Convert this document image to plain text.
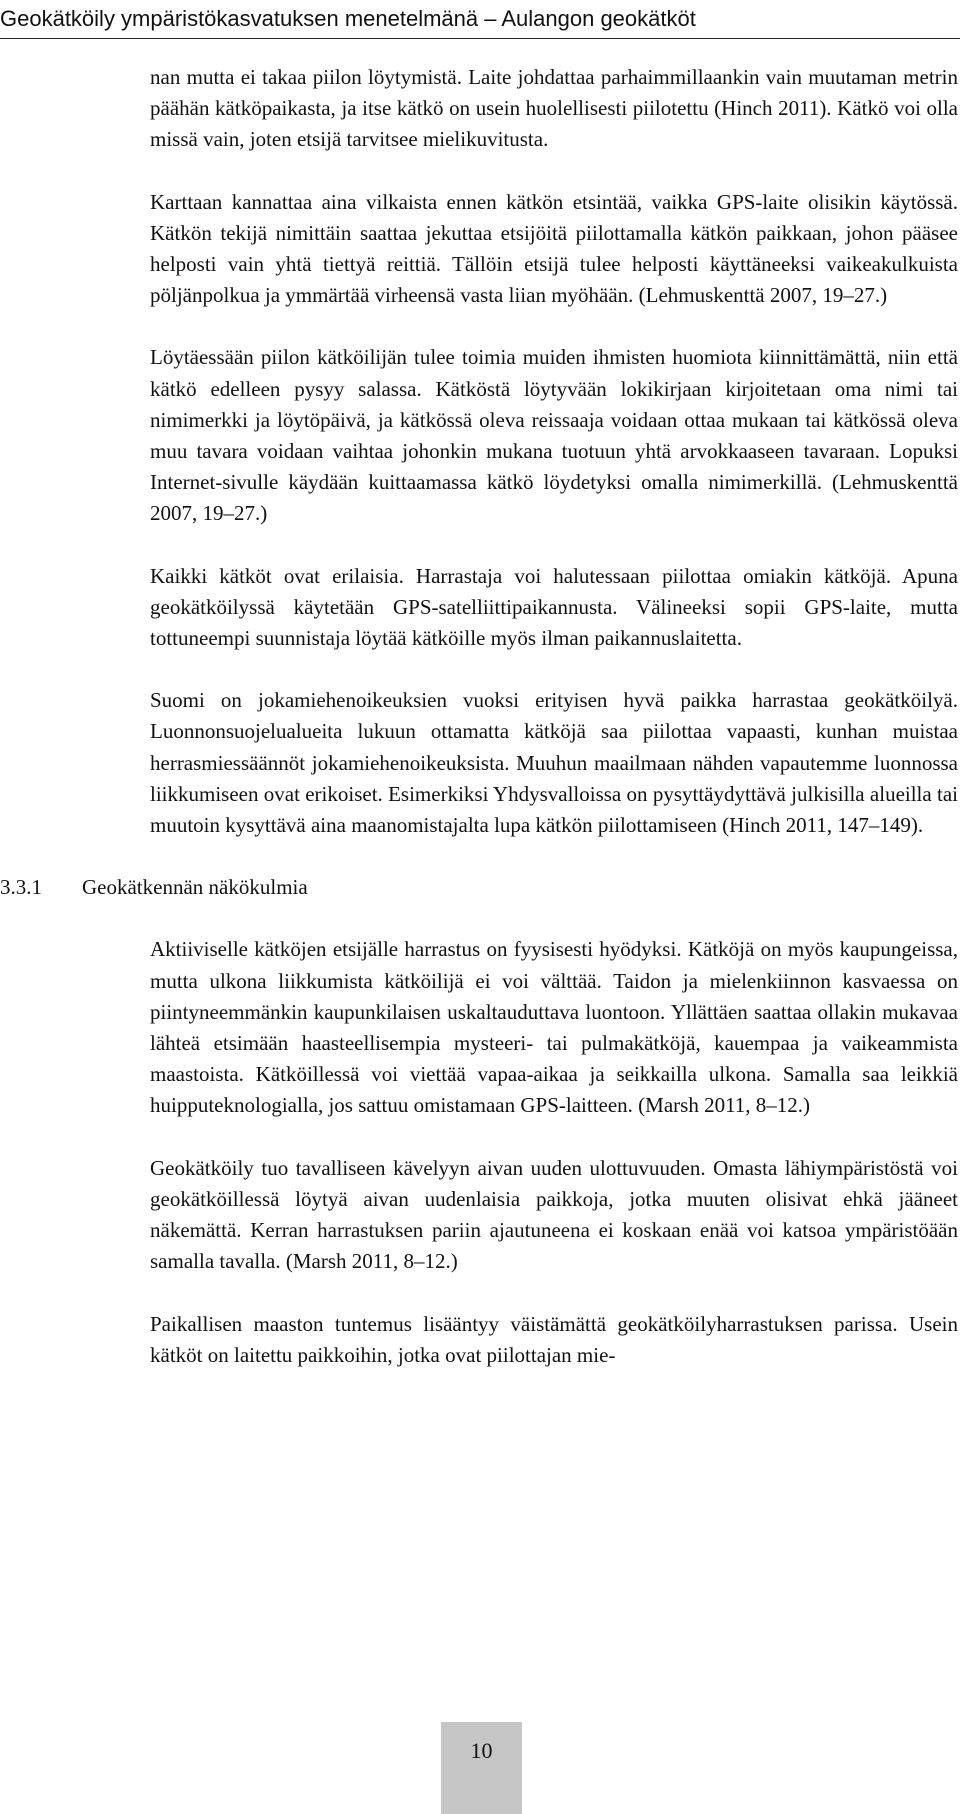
Geokätköily ympäristökasvatuksen menetelmänä – Aulangon geokätköt

nan mutta ei takaa piilon löytymistä. Laite johdattaa parhaimmillaankin vain muutaman metrin päähän kätköpaikasta, ja itse kätkö on usein huolellisesti piilotettu (Hinch 2011). Kätkö voi olla missä vain, joten etsijä tarvitsee mielikuvitusta.

Karttaan kannattaa aina vilkaista ennen kätkön etsintää, vaikka GPS-laite olisikin käytössä. Kätkön tekijä nimittäin saattaa jekuttaa etsijöitä piilottamalla kätkön paikkaan, johon pääsee helposti vain yhtä tiettyä reittiä. Tällöin etsijä tulee helposti käyttäneeksi vaikeakulkuista pöljänpolkua ja ymmärtää virheensä vasta liian myöhään. (Lehmuskenttä 2007, 19–27.)

Löytäessään piilon kätköilijän tulee toimia muiden ihmisten huomiota kiinnittämättä, niin että kätkö edelleen pysyy salassa. Kätköstä löytyvään lokikirjaan kirjoitetaan oma nimi tai nimimerkki ja löytöpäivä, ja kätkössä oleva reissaaja voidaan ottaa mukaan tai kätkössä oleva muu tavara voidaan vaihtaa johonkin mukana tuotuun yhtä arvokkaaseen tavaraan. Lopuksi Internet-sivulle käydään kuittaamassa kätkö löydetyksi omalla nimimerkillä. (Lehmuskenttä 2007, 19–27.)

Kaikki kätköt ovat erilaisia. Harrastaja voi halutessaan piilottaa omiakin kätköjä. Apuna geokätköilyssä käytetään GPS-satelliittipaikannusta. Välineeksi sopii GPS-laite, mutta tottuneempi suunnistaja löytää kätköille myös ilman paikannuslaitetta.

Suomi on jokamiehenoikeuksien vuoksi erityisen hyvä paikka harrastaa geokätköilyä. Luonnonsuojelualueita lukuun ottamatta kätköjä saa piilottaa vapaasti, kunhan muistaa herrasmiessäännöt jokamiehenoikeuksista. Muuhun maailmaan nähden vapautemme luonnossa liikkumiseen ovat erikoiset. Esimerkiksi Yhdysvalloissa on pysyttäydyttävä julkisilla alueilla tai muutoin kysyttävä aina maanomistajalta lupa kätkön piilottamiseen (Hinch 2011, 147–149).

3.3.1 Geokätkennän näkökulmia

Aktiiviselle kätköjen etsijälle harrastus on fyysisesti hyödyksi. Kätköjä on myös kaupungeissa, mutta ulkona liikkumista kätköilijä ei voi välttää. Taidon ja mielenkiinnon kasvaessa on piintyneemmänkin kaupunkilaisen uskaltauduttava luontoon. Yllättäen saattaa ollakin mukavaa lähteä etsimään haasteellisempia mysteeri- tai pulmakätköjä, kauempaa ja vaikeammista maastoista. Kätköillessä voi viettää vapaa-aikaa ja seikkailla ulkona. Samalla saa leikkiä huipputeknologialla, jos sattuu omistamaan GPS-laitteen. (Marsh 2011, 8–12.)

Geokätköily tuo tavalliseen kävelyyn aivan uuden ulottuvuuden. Omasta lähiympäristöstä voi geokätköillessä löytyä aivan uudenlaisia paikkoja, jotka muuten olisivat ehkä jääneet näkemättä. Kerran harrastuksen pariin ajautuneena ei koskaan enää voi katsoa ympäristöään samalla tavalla. (Marsh 2011, 8–12.)

Paikallisen maaston tuntemus lisääntyy väistämättä geokätköilyharrastuksen parissa. Usein kätköt on laitettu paikkoihin, jotka ovat piilottajan mie-

10
